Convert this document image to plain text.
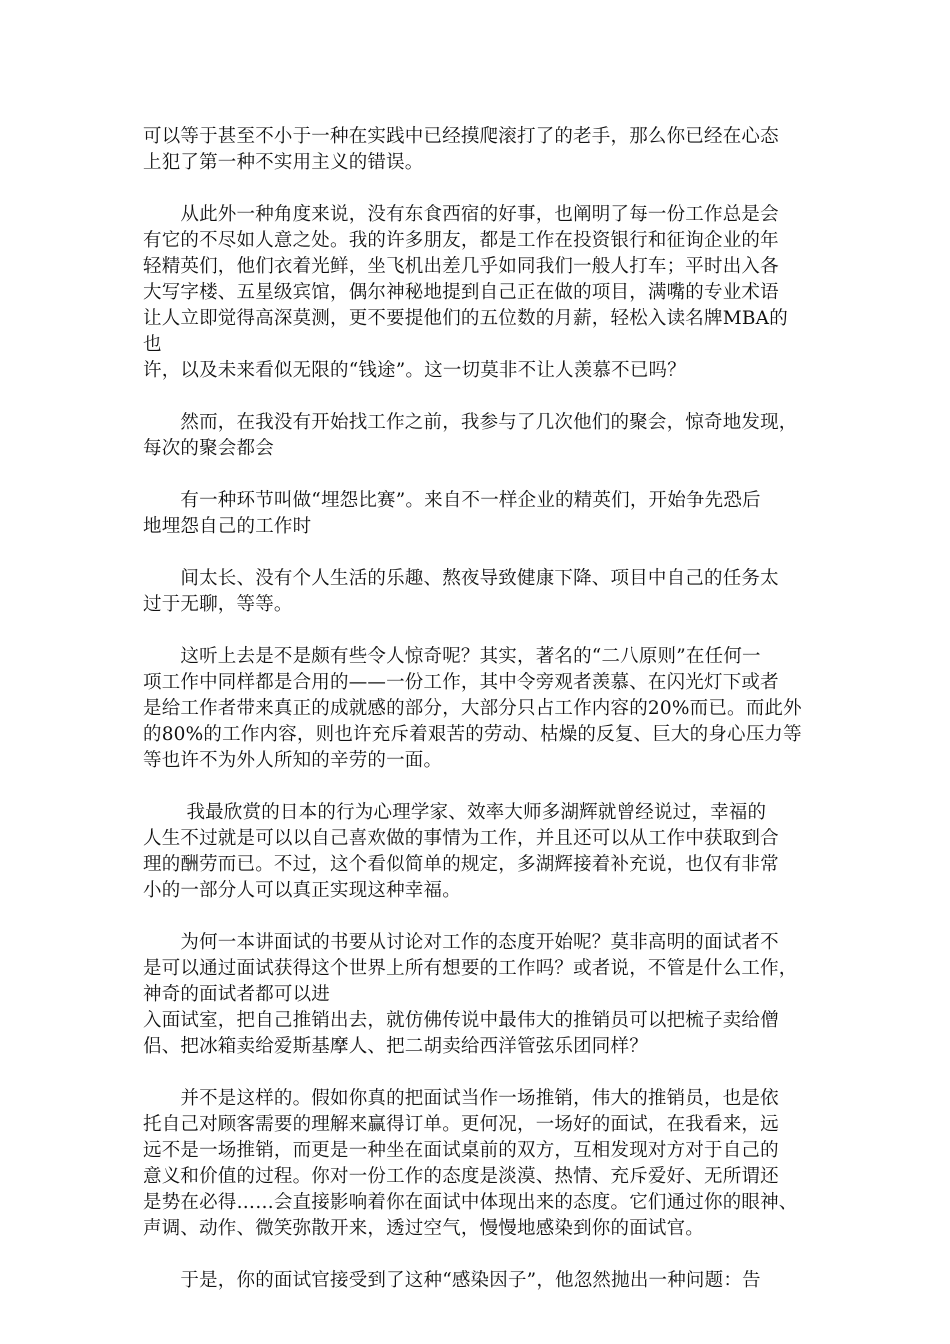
可以等于甚至不小于一种在实践中已经摸爬滚打了的老手，那么你已经在心态
上犯了第一种不实用主义的错误。

　　从此外一种角度来说，没有东食西宿的好事，也阐明了每一份工作总是会
有它的不尽如人意之处。我的许多朋友，都是工作在投资银行和征询企业的年
轻精英们，他们衣着光鲜，坐飞机出差几乎如同我们一般人打车；平时出入各
大写字楼、五星级宾馆，偶尔神秘地提到自己正在做的项目，满嘴的专业术语
让人立即觉得高深莫测，更不要提他们的五位数的月薪，轻松入读名牌MBA的也
许，以及未来看似无限的“钱途”。这一切莫非不让人羡慕不已吗？

　　然而，在我没有开始找工作之前，我参与了几次他们的聚会，惊奇地发现，
每次的聚会都会

　　有一种环节叫做“埋怨比赛”。来自不一样企业的精英们，开始争先恐后
地埋怨自己的工作时

　　间太长、没有个人生活的乐趣、熬夜导致健康下降、项目中自己的任务太
过于无聊，等等。

　　这听上去是不是颇有些令人惊奇呢？其实，著名的“二八原则”在任何一
项工作中同样都是合用的——一份工作，其中令旁观者羡慕、在闪光灯下或者
是给工作者带来真正的成就感的部分，大部分只占工作内容的20%而已。而此外
的80%的工作内容，则也许充斥着艰苦的劳动、枯燥的反复、巨大的身心压力等
等也许不为外人所知的辛劳的一面。

　　 我最欣赏的日本的行为心理学家、效率大师多湖辉就曾经说过，幸福的
人生不过就是可以以自己喜欢做的事情为工作，并且还可以从工作中获取到合
理的酬劳而已。不过，这个看似简单的规定，多湖辉接着补充说，也仅有非常
小的一部分人可以真正实现这种幸福。

　　为何一本讲面试的书要从讨论对工作的态度开始呢？莫非高明的面试者不
是可以通过面试获得这个世界上所有想要的工作吗？或者说，不管是什么工作，
神奇的面试者都可以进

入面试室，把自己推销出去，就仿佛传说中最伟大的推销员可以把梳子卖给僧
侣、把冰箱卖给爱斯基摩人、把二胡卖给西洋管弦乐团同样？

　　并不是这样的。假如你真的把面试当作一场推销，伟大的推销员，也是依
托自己对顾客需要的理解来赢得订单。更何况，一场好的面试，在我看来，远
远不是一场推销，而更是一种坐在面试桌前的双方，互相发现对方对于自己的
意义和价值的过程。你对一份工作的态度是淡漠、热情、充斥爱好、无所谓还
是势在必得……会直接影响着你在面试中体现出来的态度。它们通过你的眼神、
声调、动作、微笑弥散开来，透过空气，慢慢地感染到你的面试官。

　　于是，你的面试官接受到了这种“感染因子”，他忽然抛出一种问题：告
